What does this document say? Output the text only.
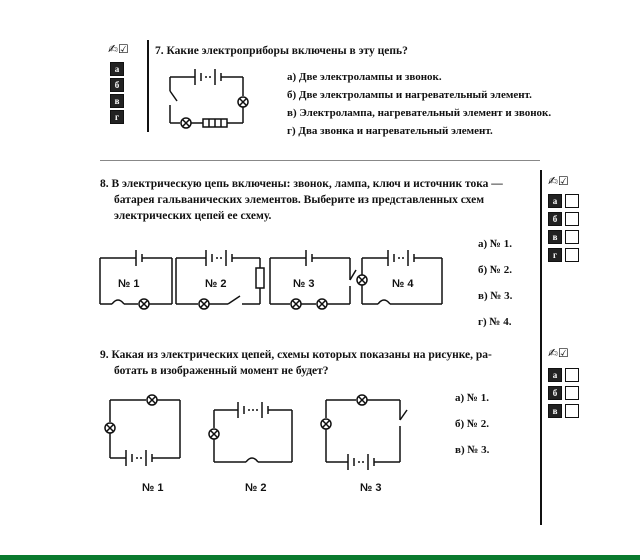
✍☑
а
б
в
г
7. Какие электроприборы включены в эту цепь?
а) Две электролампы и звонок.
б) Две электролампы и нагревательный элемент.
в) Электролампа, нагревательный элемент и звонок.
г) Два звонка и нагревательный элемент.
8. В электрическую цепь включены: звонок, лампа, ключ и источник тока —
батарея гальванических элементов. Выберите из представленных схем
электрических цепей ее схему.
✍☑
а
б
в
г
№ 1	№ 2	№ 3	№ 4
а) № 1.
б) № 2.
в) № 3.
г) № 4.
9. Какая из электрических цепей, схемы которых показаны на рисунке, ра-
ботать в изображенный момент не будет?
✍☑
а
б
в
№ 1	№ 2	№ 3
а) № 1.
б) № 2.
в) № 3.
